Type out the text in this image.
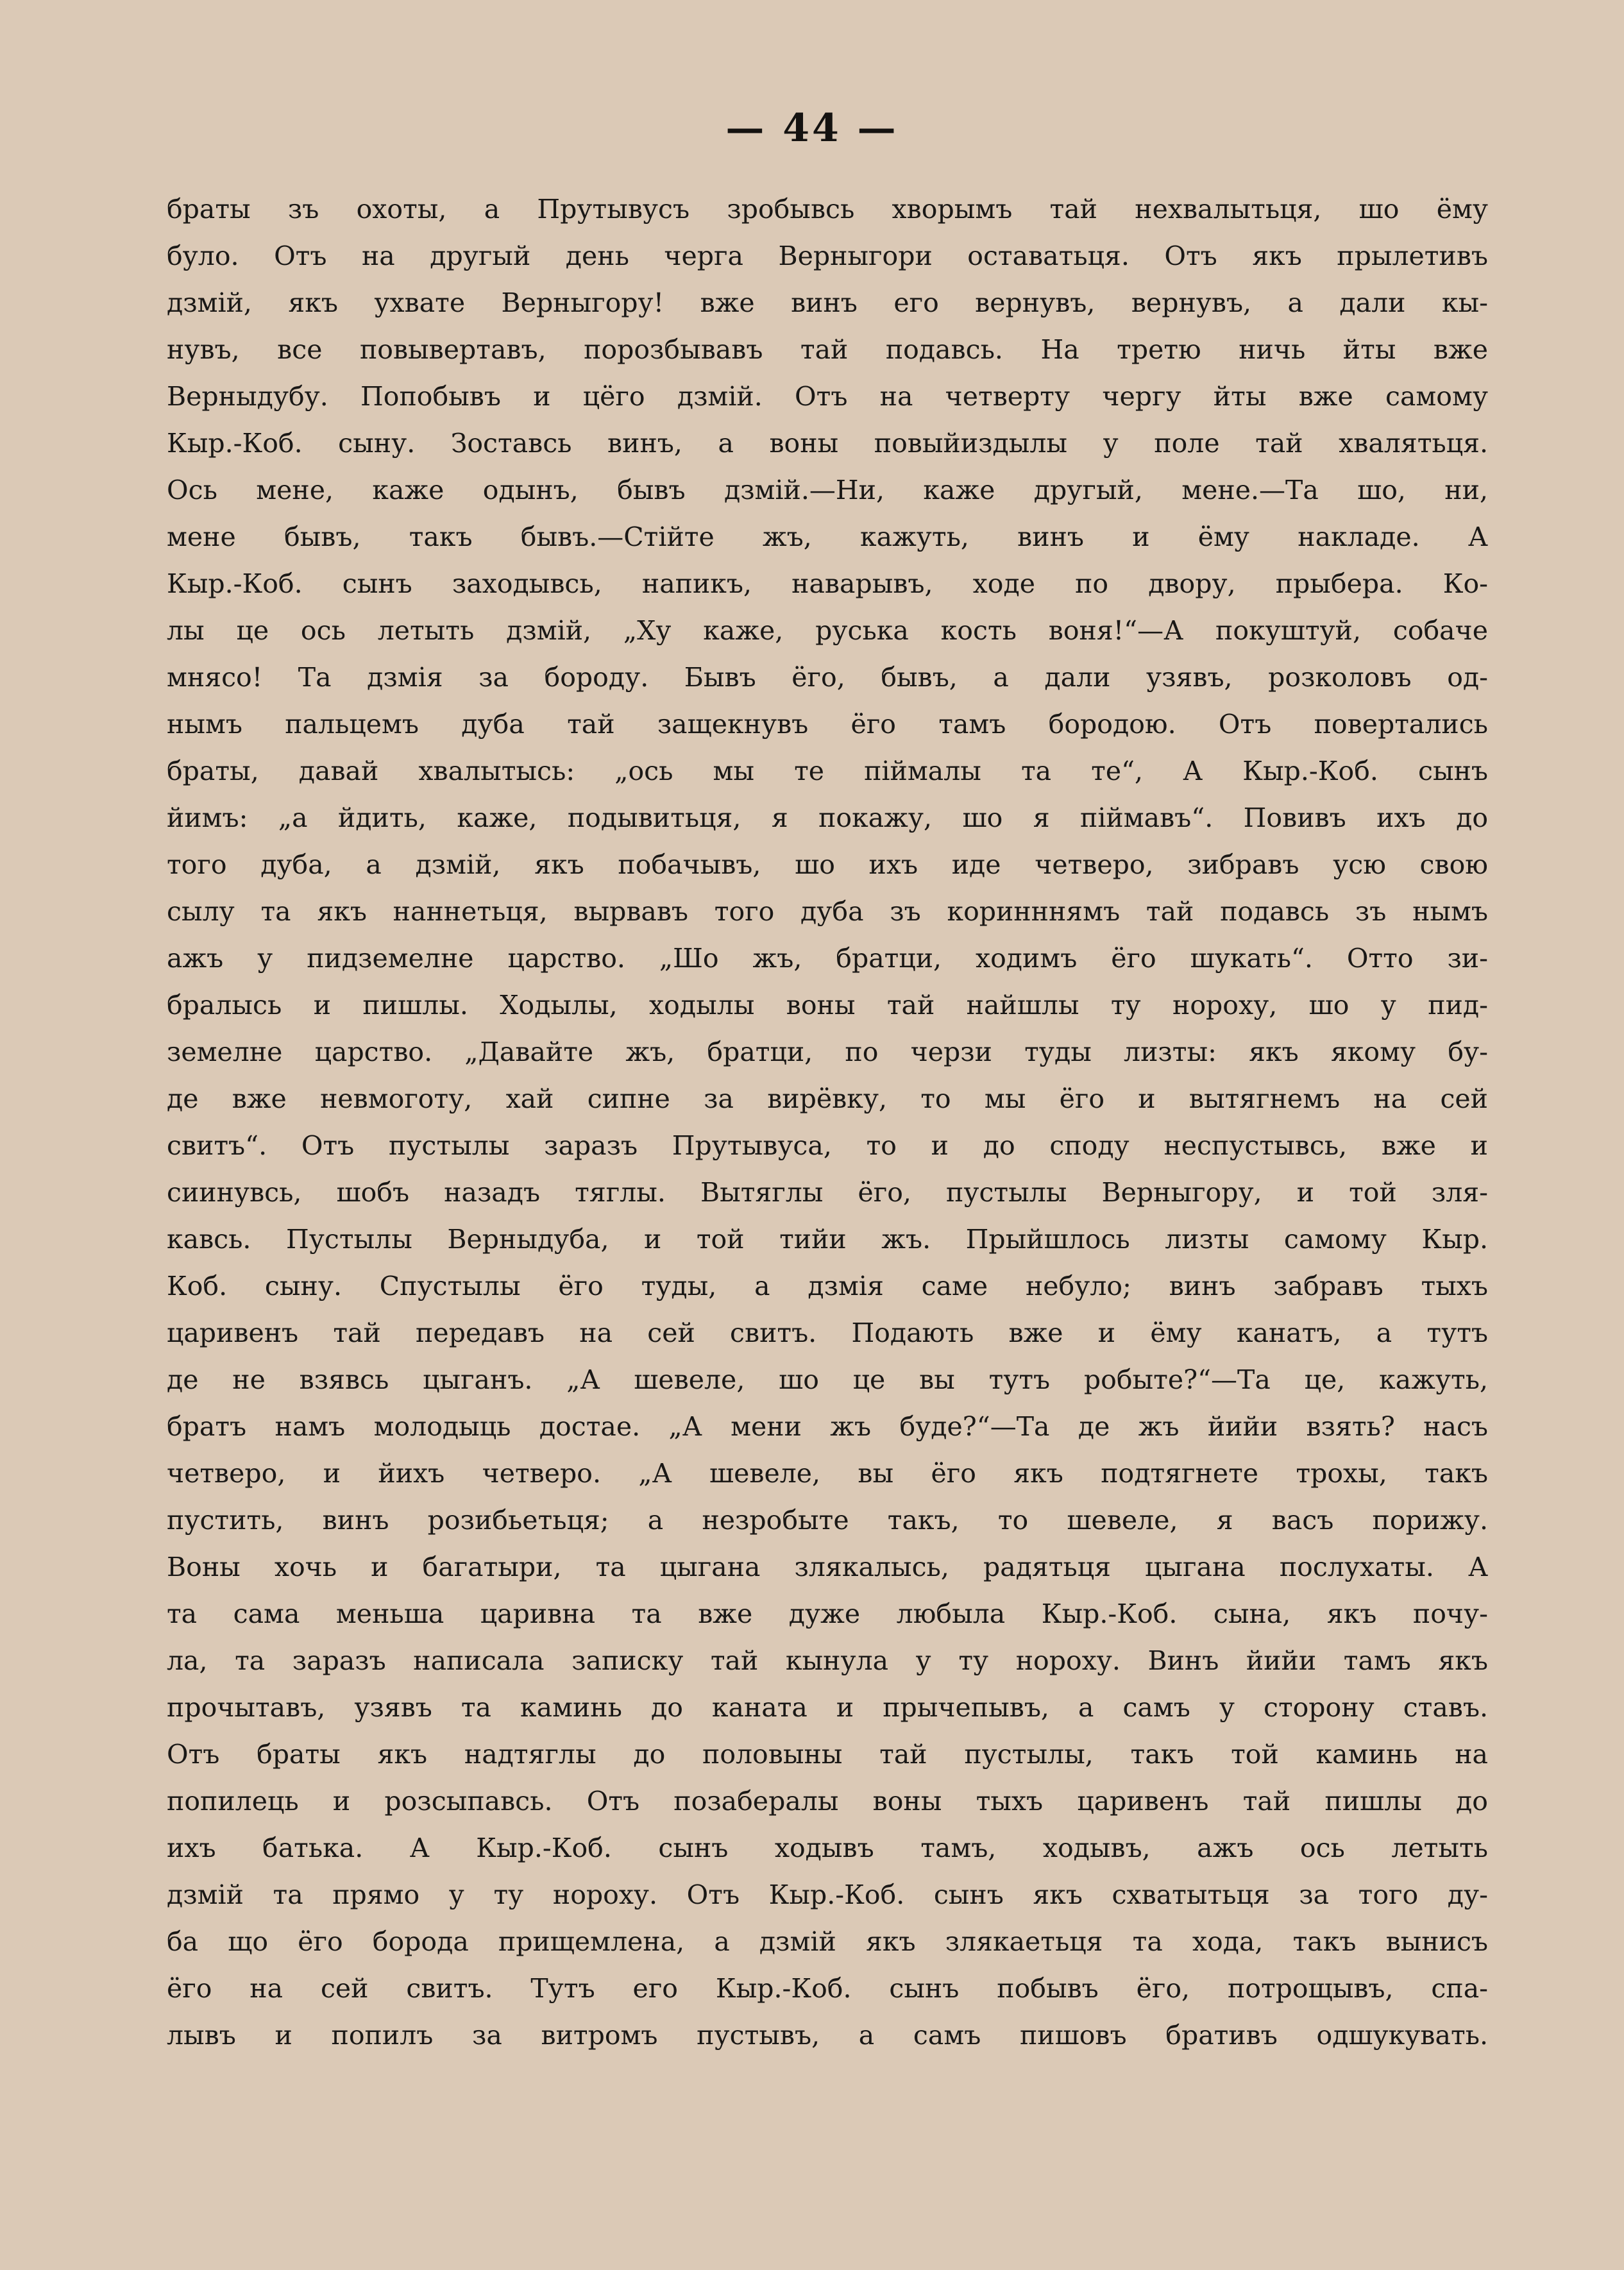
— 44 —
браты зъ охоты, а Прутывусъ зробывсь хворымъ тай нехвалытьця, шо ёму
було. Отъ на другый день черга Верныгори оставатьця. Отъ якъ прылетивъ
дзмій, якъ ухвате Верныгору! вже винъ его вернувъ, вернувъ, а дали кы-
нувъ, все повывертавъ, порозбывавъ тай подавсь. На третю ничь йты вже
Верныдубу. Попобывъ и цёго дзмій. Отъ на четверту чергу йты вже самому
Кыр.-Коб. сыну. Зоставсь винъ, а воны повыйиздылы у поле тай хвалятьця.
Ось мене, каже одынъ, бывъ дзмій.—Ни, каже другый, мене.—Та шо, ни,
мене бывъ, такъ бывъ.—Стійте жъ, кажуть, винъ и ёму накладе. А
Кыр.-Коб. сынъ заходывсь, напикъ, наварывъ, ходе по двору, прыбера. Ко-
лы це ось летыть дзмій, „Ху каже, руська кость воня!“—А покуштуй, собаче
мнясо! Та дзмія за бороду. Бывъ ёго, бывъ, а дали узявъ, розколовъ од-
нымъ пальцемъ дуба тай защекнувъ ёго тамъ бородою. Отъ повертались
браты, давай хвалытысь: „ось мы те піймалы та те“, А Кыр.-Коб. сынъ
йимъ: „а йдить, каже, подывитьця, я покажу, шо я піймавъ“. Повивъ ихъ до
того дуба, а дзмій, якъ побачывъ, шо ихъ иде четверо, зибравъ усю свою
сылу та якъ наннетьця, вырвавъ того дуба зъ коринннямъ тай подавсь зъ нымъ
ажъ у пидземелне царство. „Шо жъ, братци, ходимъ ёго шукать“. Отто зи-
бралысь и пишлы. Ходылы, ходылы воны тай найшлы ту нороху, шо у пид-
земелне царство. „Давайте жъ, братци, по черзи туды лизты: якъ якому бу-
де вже невмоготу, хай сипне за вирёвку, то мы ёго и вытягнемъ на сей
свитъ“. Отъ пустылы заразъ Прутывуса, то и до споду неспустывсь, вже и
сиинувсь, шобъ назадъ тяглы. Вытяглы ёго, пустылы Верныгору, и той зля-
кавсь. Пустылы Верныдуба, и той тийи жъ. Прыйшлось лизты самому Кыр.
Коб. сыну. Спустылы ёго туды, а дзмія саме небуло; винъ забравъ тыхъ
царивенъ тай передавъ на сей свитъ. Подають вже и ёму канатъ, а тутъ
де не взявсь цыганъ. „А шевеле, шо це вы тутъ робыте?“—Та це, кажуть,
братъ намъ молодыць достае. „А мени жъ буде?“—Та де жъ йийи взять? насъ
четверо, и йихъ четверо. „А шевеле, вы ёго якъ подтягнете трохы, такъ
пустить, винъ розибьетьця; а незробыте такъ, то шевеле, я васъ порижу.
Воны хочь и багатыри, та цыгана злякалысь, радятьця цыгана послухаты. А
та сама меньша царивна та вже дуже любыла Кыр.-Коб. сына, якъ почу-
ла, та заразъ написала записку тай кынула у ту нороху. Винъ йийи тамъ якъ
прочытавъ, узявъ та каминь до каната и прычепывъ, а самъ у сторону ставъ.
Отъ браты якъ надтяглы до половыны тай пустылы, такъ той каминь на
попилець и розсыпавсь. Отъ позабералы воны тыхъ царивенъ тай пишлы до
ихъ батька. А Кыр.-Коб. сынъ ходывъ тамъ, ходывъ, ажъ ось летыть
дзмій та прямо у ту нороху. Отъ Кыр.-Коб. сынъ якъ схватытьця за того ду-
ба що ёго борода прищемлена, а дзмій якъ злякаетьця та хода, такъ вынисъ
ёго на сей свитъ. Тутъ его Кыр.-Коб. сынъ побывъ ёго, потрощывъ, спа-
лывъ и попилъ за витромъ пустывъ, а самъ пишовъ бративъ одшукувать.
